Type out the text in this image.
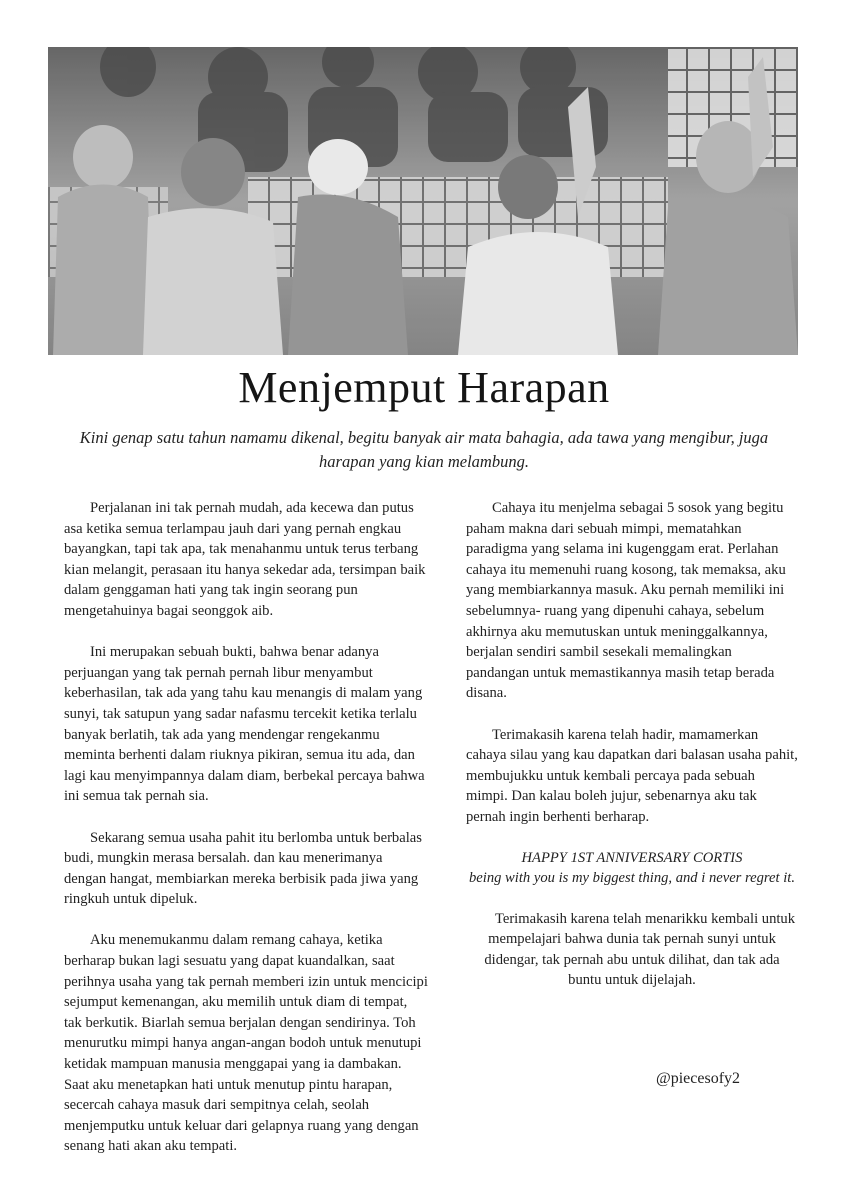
Menjemput Harapan
Kini genap satu tahun namamu dikenal, begitu banyak air mata bahagia, ada tawa yang mengibur, juga harapan yang kian melambung.

Perjalanan ini tak pernah mudah, ada kecewa dan putus asa ketika semua terlampau jauh dari yang pernah engkau bayangkan, tapi tak apa, tak menahanmu untuk terus terbang kian melangit, perasaan itu hanya sekedar ada, tersimpan baik dalam genggaman hati yang tak ingin seorang pun mengetahuinya bagai seonggok aib.

Ini merupakan sebuah bukti, bahwa benar adanya perjuangan yang tak pernah pernah libur menyambut keberhasilan, tak ada yang tahu kau menangis di malam yang sunyi, tak satupun yang sadar nafasmu tercekit ketika terlalu banyak berlatih, tak ada yang mendengar rengekanmu meminta berhenti dalam riuknya pikiran, semua itu ada, dan lagi kau menyimpannya dalam diam, berbekal percaya bahwa ini semua tak pernah sia.

Sekarang semua usaha pahit itu berlomba untuk berbalas budi, mungkin merasa bersalah. dan kau menerimanya dengan hangat, membiarkan mereka berbisik pada jiwa yang ringkuh untuk dipeluk.

Aku menemukanmu dalam remang cahaya, ketika berharap bukan lagi sesuatu yang dapat kuandalkan, saat perihnya usaha yang tak pernah memberi izin untuk mencicipi sejumput kemenangan, aku memilih untuk diam di tempat, tak berkutik. Biarlah semua berjalan dengan sendirinya. Toh menurutku mimpi hanya angan-angan bodoh untuk menutupi ketidak mampuan manusia menggapai yang ia dambakan. Saat aku menetapkan hati untuk menutup pintu harapan, secercah cahaya masuk dari sempitnya celah, seolah menjemputku untuk keluar dari gelapnya ruang yang dengan senang hati akan aku tempati.

Cahaya itu menjelma sebagai 5 sosok yang begitu paham makna dari sebuah mimpi, mematahkan paradigma yang selama ini kugenggam erat. Perlahan cahaya itu memenuhi ruang kosong, tak memaksa, aku yang membiarkannya masuk. Aku pernah memiliki ini sebelumnya- ruang yang dipenuhi cahaya, sebelum akhirnya aku memutuskan untuk meninggalkannya, berjalan sendiri sambil sesekali memalingkan pandangan untuk memastikannya masih tetap berada disana.

Terimakasih karena telah hadir, mamamerkan cahaya silau yang kau dapatkan dari balasan usaha pahit, membujukku untuk kembali percaya pada sebuah mimpi. Dan kalau boleh jujur, sebenarnya aku tak pernah ingin berhenti berharap.

HAPPY 1ST ANNIVERSARY CORTIS
being with you is my biggest thing, and i never regret it.

Terimakasih karena telah menarikku kembali untuk mempelajari bahwa dunia tak pernah sunyi untuk didengar, tak pernah abu untuk dilihat, dan tak ada buntu untuk dijelajah.

@piecesofy2
